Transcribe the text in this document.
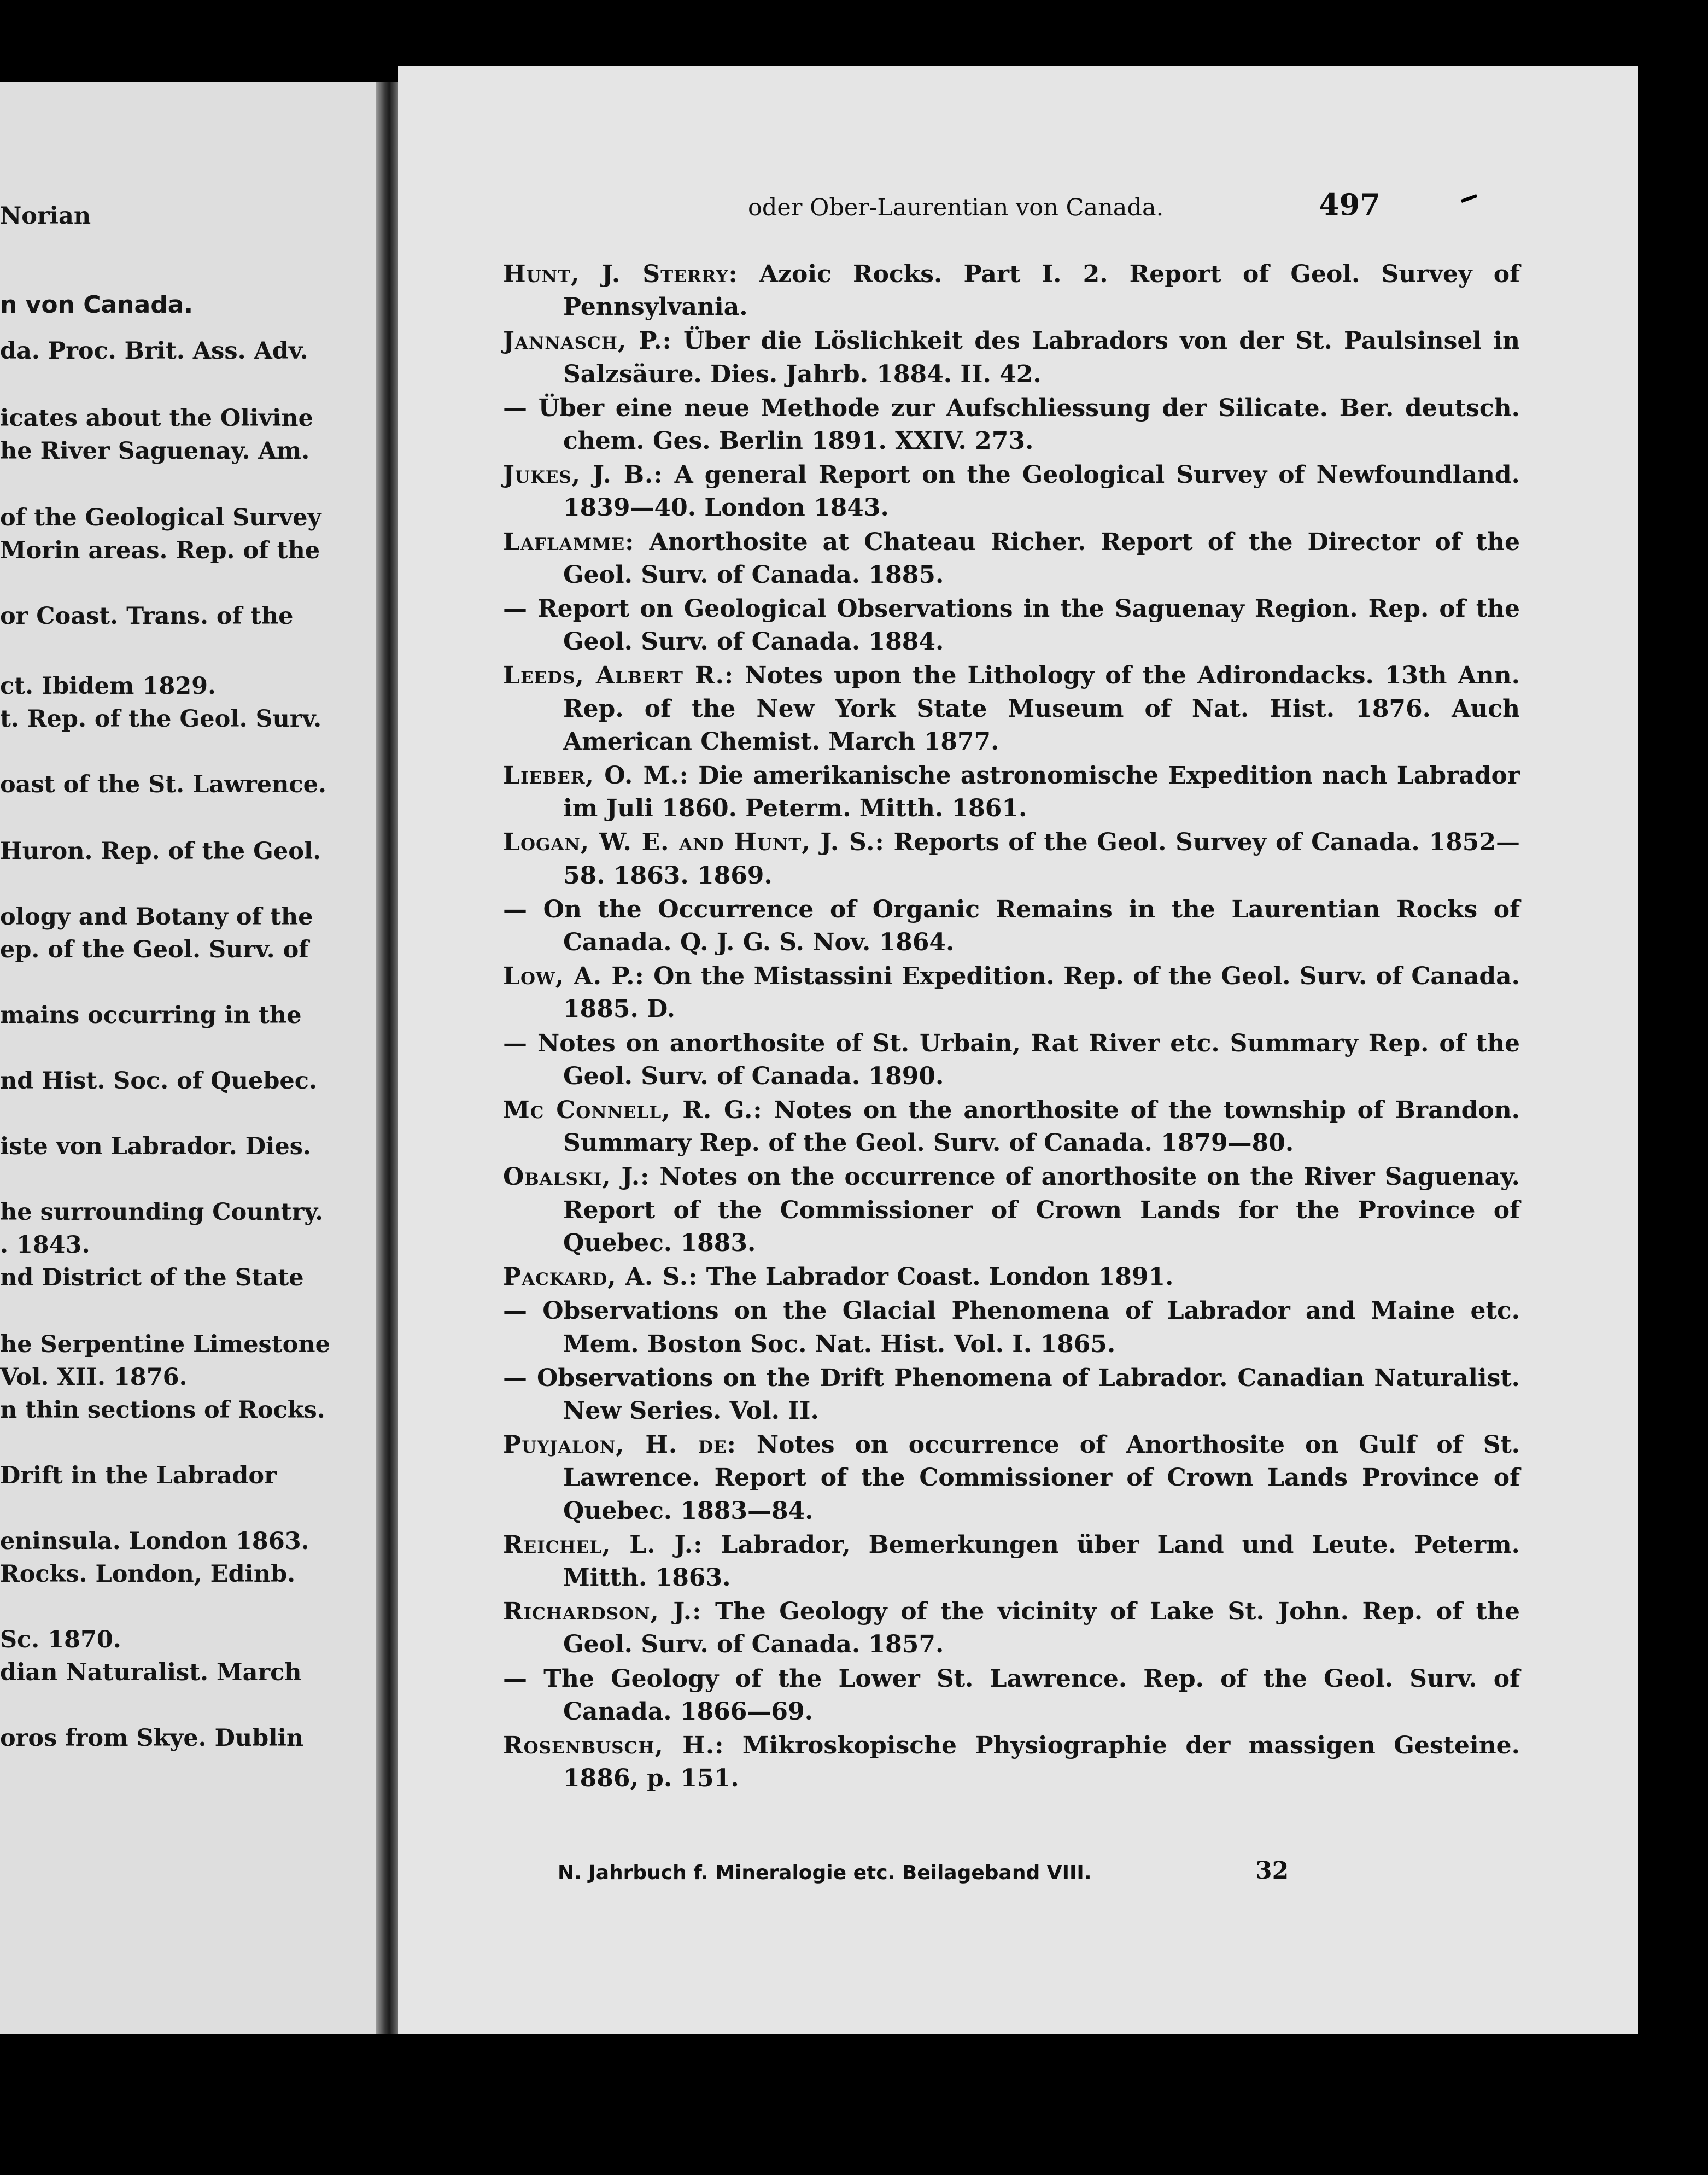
Norian
n von Canada.
da. Proc. Brit. Ass. Adv.
icates about the Olivine
he River Saguenay. Am.
of the Geological Survey
Morin areas. Rep. of the
or Coast. Trans. of the
ct. Ibidem 1829.
t. Rep. of the Geol. Surv.
oast of the St. Lawrence.
Huron. Rep. of the Geol.
ology and Botany of the
ep. of the Geol. Surv. of
mains occurring in the
nd Hist. Soc. of Quebec.
iste von Labrador. Dies.
he surrounding Country.
. 1843.
nd District of the State
he Serpentine Limestone
Vol. XII. 1876.
n thin sections of Rocks.
Drift in the Labrador
eninsula. London 1863.
Rocks. London, Edinb.
Sc. 1870.
dian Naturalist. March
oros from Skye. Dublin
oder Ober-Laurentian von Canada.	497

Hunt, J. Sterry: Azoic Rocks. Part I. 2. Report of Geol. Survey of Pennsylvania.

Jannasch, P.: Über die Löslichkeit des Labradors von der St. Paulsinsel in Salzsäure. Dies. Jahrb. 1884. II. 42.

— Über eine neue Methode zur Aufschliessung der Silicate. Ber. deutsch. chem. Ges. Berlin 1891. XXIV. 273.

Jukes, J. B.: A general Report on the Geological Survey of Newfoundland. 1839—40. London 1843.

Laflamme: Anorthosite at Chateau Richer. Report of the Director of the Geol. Surv. of Canada. 1885.

— Report on Geological Observations in the Saguenay Region. Rep. of the Geol. Surv. of Canada. 1884.

Leeds, Albert R.: Notes upon the Lithology of the Adirondacks. 13th Ann. Rep. of the New York State Museum of Nat. Hist. 1876. Auch American Chemist. March 1877.

Lieber, O. M.: Die amerikanische astronomische Expedition nach Labrador im Juli 1860. Peterm. Mitth. 1861.

Logan, W. E. and Hunt, J. S.: Reports of the Geol. Survey of Canada. 1852—58. 1863. 1869.

— On the Occurrence of Organic Remains in the Laurentian Rocks of Canada. Q. J. G. S. Nov. 1864.

Low, A. P.: On the Mistassini Expedition. Rep. of the Geol. Surv. of Canada. 1885. D.

— Notes on anorthosite of St. Urbain, Rat River etc. Summary Rep. of the Geol. Surv. of Canada. 1890.

Mc Connell, R. G.: Notes on the anorthosite of the township of Brandon. Summary Rep. of the Geol. Surv. of Canada. 1879—80.

Obalski, J.: Notes on the occurrence of anorthosite on the River Saguenay. Report of the Commissioner of Crown Lands for the Province of Quebec. 1883.

Packard, A. S.: The Labrador Coast. London 1891.

— Observations on the Glacial Phenomena of Labrador and Maine etc. Mem. Boston Soc. Nat. Hist. Vol. I. 1865.

— Observations on the Drift Phenomena of Labrador. Canadian Naturalist. New Series. Vol. II.

Puyjalon, H. de: Notes on occurrence of Anorthosite on Gulf of St. Lawrence. Report of the Commissioner of Crown Lands Province of Quebec. 1883—84.

Reichel, L. J.: Labrador, Bemerkungen über Land und Leute. Peterm. Mitth. 1863.

Richardson, J.: The Geology of the vicinity of Lake St. John. Rep. of the Geol. Surv. of Canada. 1857.

— The Geology of the Lower St. Lawrence. Rep. of the Geol. Surv. of Canada. 1866—69.

Rosenbusch, H.: Mikroskopische Physiographie der massigen Gesteine. 1886, p. 151.

N. Jahrbuch f. Mineralogie etc. Beilageband VIII.	32
